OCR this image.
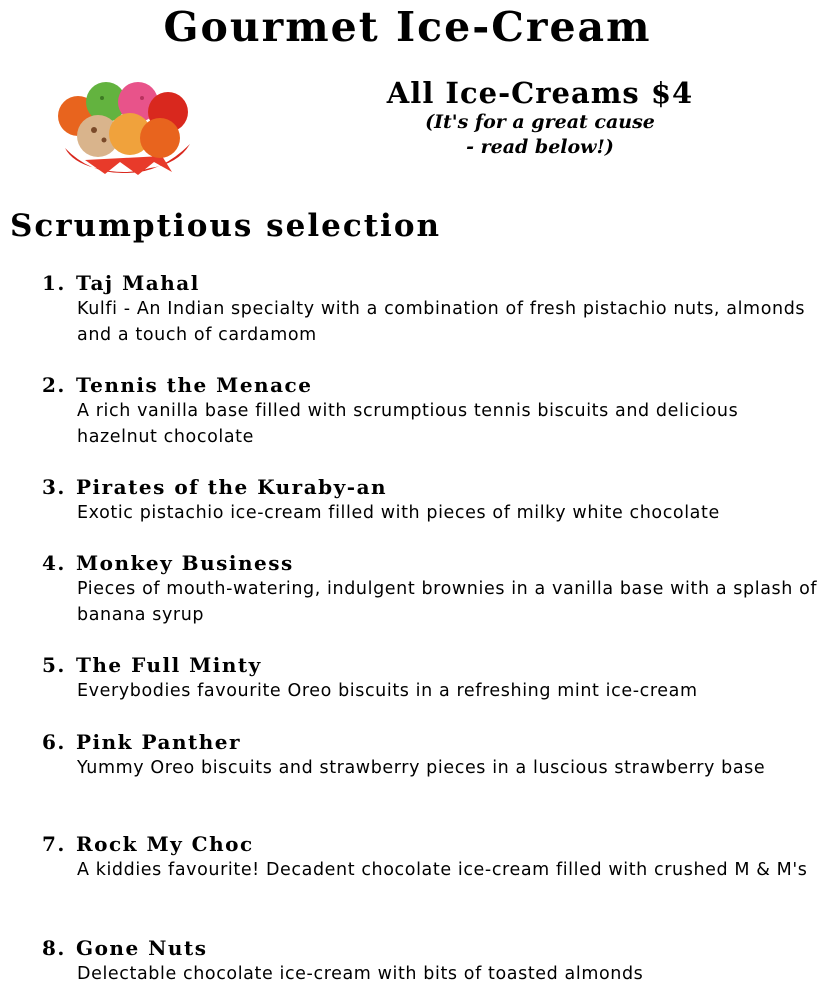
Gourmet Ice-Cream
All Ice-Creams $4
(It's for a great cause
- read below!)
Scrumptious selection
1. Taj Mahal
Kulfi - An Indian specialty with a combination of fresh pistachio nuts, almonds and a touch of cardamom
2. Tennis the Menace
A rich vanilla base filled with scrumptious tennis biscuits and delicious hazelnut chocolate
3. Pirates of the Kuraby-an
Exotic pistachio ice-cream filled with pieces of milky white chocolate
4. Monkey Business
Pieces of mouth-watering, indulgent brownies in a vanilla base with a splash of banana syrup
5. The Full Minty
Everybodies favourite Oreo biscuits in a refreshing mint ice-cream
6. Pink Panther
Yummy Oreo biscuits and strawberry pieces in a luscious strawberry base
7. Rock My Choc
A kiddies favourite! Decadent chocolate ice-cream filled with crushed M & M's
8. Gone Nuts
Delectable chocolate ice-cream with bits of toasted almonds
